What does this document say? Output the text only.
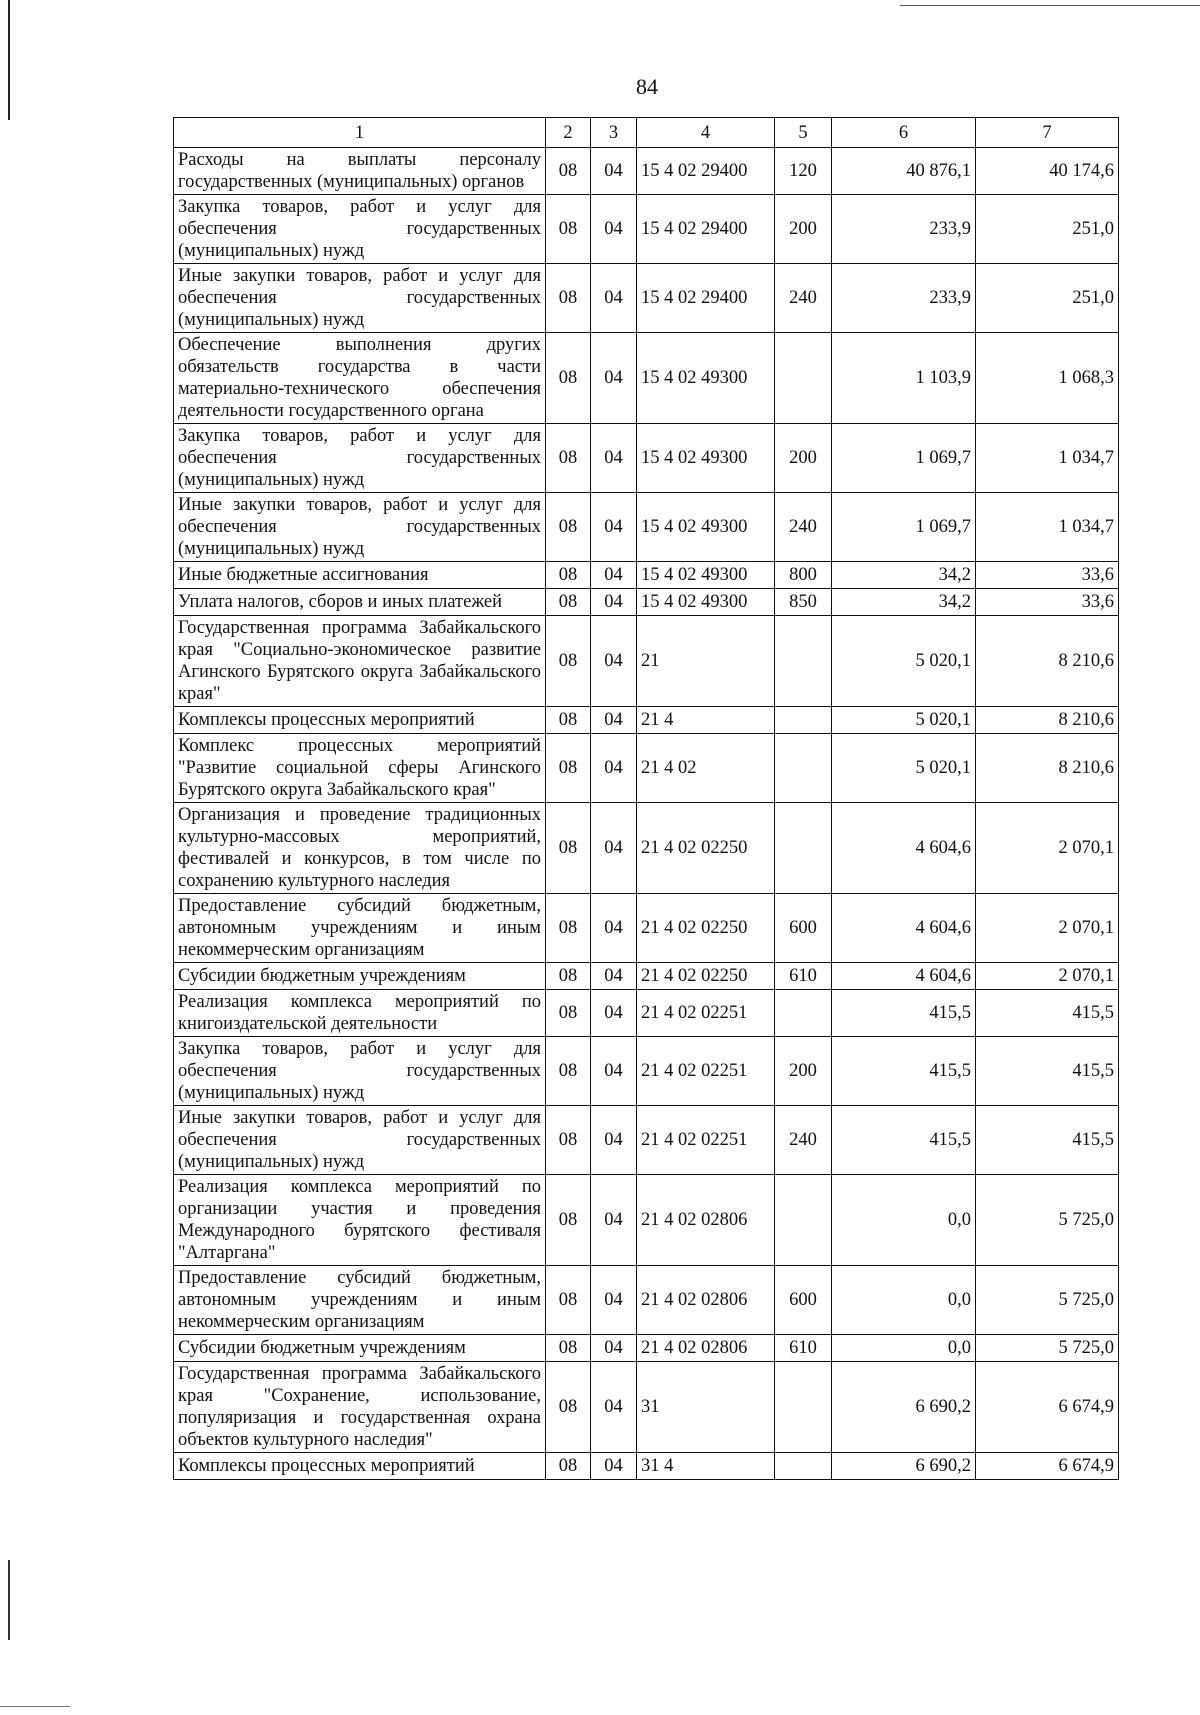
84
1	2	3	4	5	6	7
Расходы на выплаты персоналу государственных (муниципальных) органов	08	04	15 4 02 29400	120	40 876,1	40 174,6
Закупка товаров, работ и услуг для обеспечения государственных (муниципальных) нужд	08	04	15 4 02 29400	200	233,9	251,0
Иные закупки товаров, работ и услуг для обеспечения государственных (муниципальных) нужд	08	04	15 4 02 29400	240	233,9	251,0
Обеспечение выполнения других обязательств государства в части материально-технического обеспечения деятельности государственного органа	08	04	15 4 02 49300		1 103,9	1 068,3
Закупка товаров, работ и услуг для обеспечения государственных (муниципальных) нужд	08	04	15 4 02 49300	200	1 069,7	1 034,7
Иные закупки товаров, работ и услуг для обеспечения государственных (муниципальных) нужд	08	04	15 4 02 49300	240	1 069,7	1 034,7
Иные бюджетные ассигнования	08	04	15 4 02 49300	800	34,2	33,6
Уплата налогов, сборов и иных платежей	08	04	15 4 02 49300	850	34,2	33,6
Государственная программа Забайкальского края "Социально-экономическое развитие Агинского Бурятского округа Забайкальского края"	08	04	21		5 020,1	8 210,6
Комплексы процессных мероприятий	08	04	21 4		5 020,1	8 210,6
Комплекс процессных мероприятий "Развитие социальной сферы Агинского Бурятского округа Забайкальского края"	08	04	21 4 02		5 020,1	8 210,6
Организация и проведение традиционных культурно-массовых мероприятий, фестивалей и конкурсов, в том числе по сохранению культурного наследия	08	04	21 4 02 02250		4 604,6	2 070,1
Предоставление субсидий бюджетным, автономным учреждениям и иным некоммерческим организациям	08	04	21 4 02 02250	600	4 604,6	2 070,1
Субсидии бюджетным учреждениям	08	04	21 4 02 02250	610	4 604,6	2 070,1
Реализация комплекса мероприятий по книгоиздательской деятельности	08	04	21 4 02 02251		415,5	415,5
Закупка товаров, работ и услуг для обеспечения государственных (муниципальных) нужд	08	04	21 4 02 02251	200	415,5	415,5
Иные закупки товаров, работ и услуг для обеспечения государственных (муниципальных) нужд	08	04	21 4 02 02251	240	415,5	415,5
Реализация комплекса мероприятий по организации участия и проведения Международного бурятского фестиваля "Алтаргана"	08	04	21 4 02 02806		0,0	5 725,0
Предоставление субсидий бюджетным, автономным учреждениям и иным некоммерческим организациям	08	04	21 4 02 02806	600	0,0	5 725,0
Субсидии бюджетным учреждениям	08	04	21 4 02 02806	610	0,0	5 725,0
Государственная программа Забайкальского края "Сохранение, использование, популяризация и государственная охрана объектов культурного наследия"	08	04	31		6 690,2	6 674,9
Комплексы процессных мероприятий	08	04	31 4		6 690,2	6 674,9
